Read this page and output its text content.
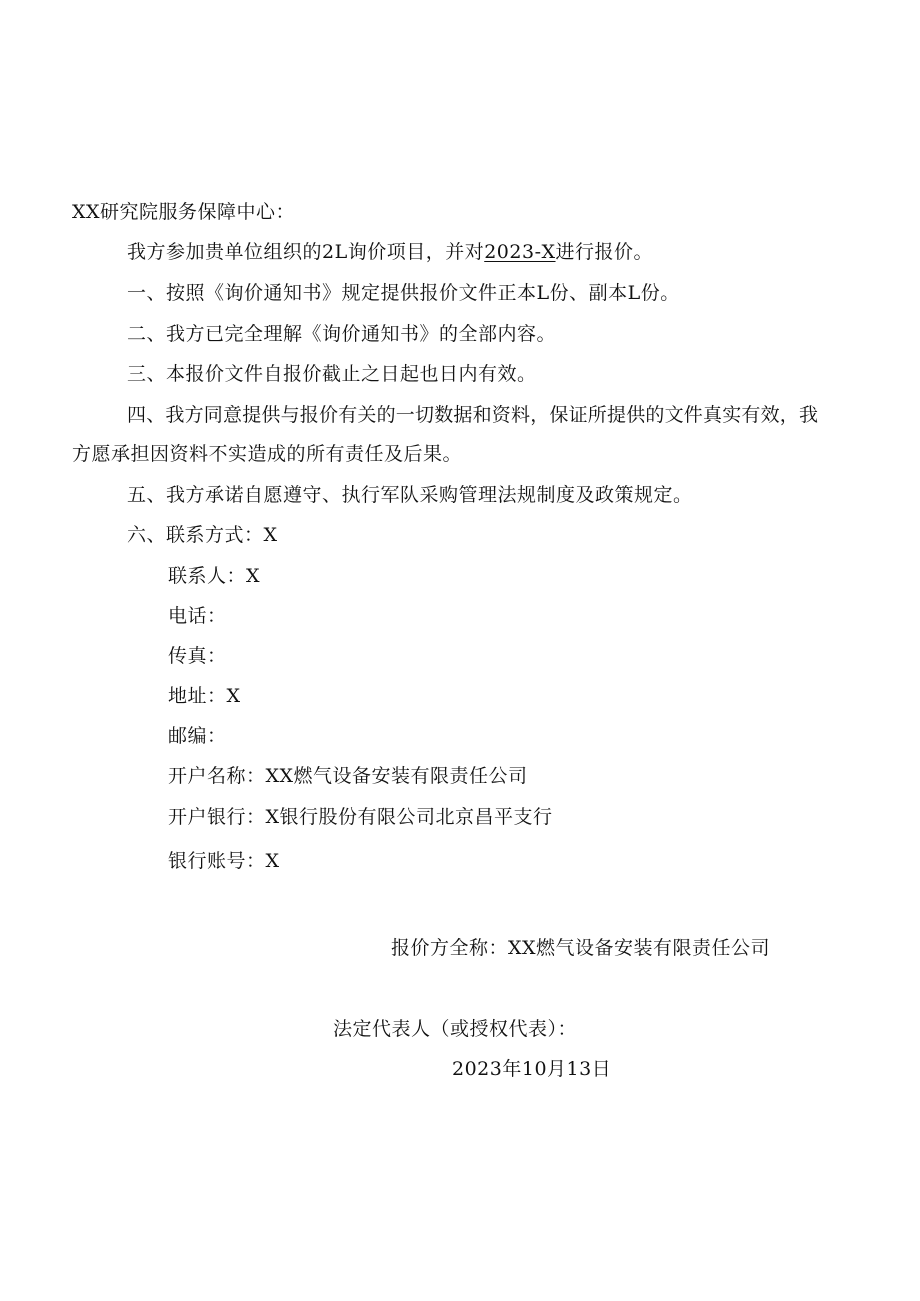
XX研究院服务保障中心：
我方参加贵单位组织的2L询价项目，并对2023-X进行报价。
一、按照《询价通知书》规定提供报价文件正本L份、副本L份。
二、我方已完全理解《询价通知书》的全部内容。
三、本报价文件自报价截止之日起也日内有效。
四、我方同意提供与报价有关的一切数据和资料，保证所提供的文件真实有效，我
方愿承担因资料不实造成的所有责任及后果。
五、我方承诺自愿遵守、执行军队采购管理法规制度及政策规定。
六、联系方式：X
联系人：X
电话：
传真：
地址：X
邮编：
开户名称：XX燃气设备安装有限责任公司
开户银行：X银行股份有限公司北京昌平支行
银行账号：X
报价方全称：XX燃气设备安装有限责任公司
法定代表人（或授权代表）：
2023年10月13日
